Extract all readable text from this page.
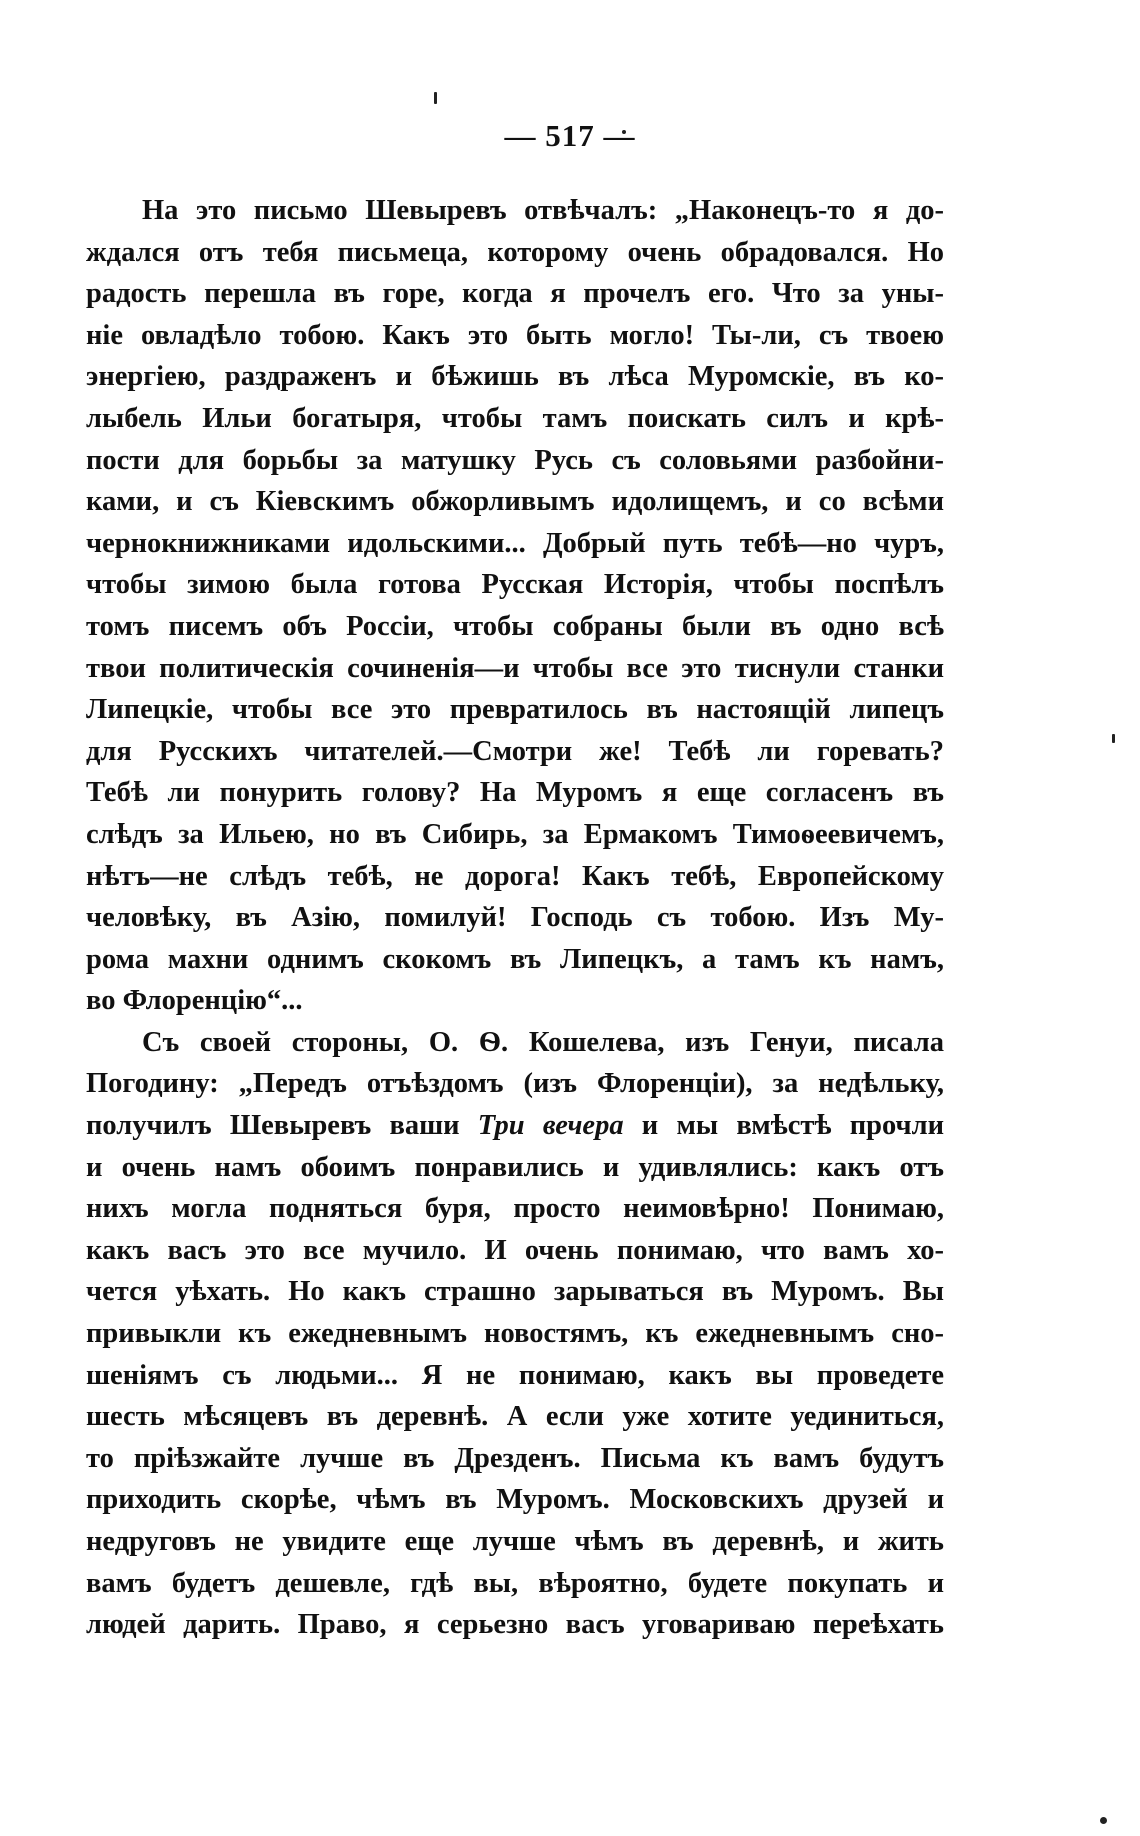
— 517 —
На это письмо Шевыревъ отвѣчалъ: „Наконецъ-то я до-
ждался отъ тебя письмеца, которому очень обрадовался. Но
радость перешла въ горе, когда я прочелъ его. Что за уны-
ніе овладѣло тобою. Какъ это быть могло! Ты-ли, съ твоею
энергіею, раздраженъ и бѣжишь въ лѣса Муромскіе, въ ко-
лыбель Ильи богатыря, чтобы тамъ поискать силъ и крѣ-
пости для борьбы за матушку Русь съ соловьями разбойни-
ками, и съ Кіевскимъ обжорливымъ идолищемъ, и со всѣми
чернокнижниками идольскими... Добрый путь тебѣ—но чуръ,
чтобы зимою была готова Русская Исторія, чтобы поспѣлъ
томъ писемъ объ Россіи, чтобы собраны были въ одно всѣ
твои политическія сочиненія—и чтобы все это тиснули станки
Липецкіе, чтобы все это превратилось въ настоящій липецъ
для Русскихъ читателей.—Смотри же! Тебѣ ли горевать?
Тебѣ ли понурить голову? На Муромъ я еще согласенъ въ
слѣдъ за Ильею, но въ Сибирь, за Ермакомъ Тимоѳеевичемъ,
нѣтъ—не слѣдъ тебѣ, не дорога! Какъ тебѣ, Европейскому
человѣку, въ Азію, помилуй! Господь съ тобою. Изъ Му-
рома махни однимъ скокомъ въ Липецкъ, а тамъ къ намъ,
во Флоренцію“...
Съ своей стороны, О. Ѳ. Кошелева, изъ Генуи, писала
Погодину: „Передъ отъѣздомъ (изъ Флоренціи), за недѣльку,
получилъ Шевыревъ ваши Три вечера и мы вмѣстѣ прочли
и очень намъ обоимъ понравились и удивлялись: какъ отъ
нихъ могла подняться буря, просто неимовѣрно! Понимаю,
какъ васъ это все мучило. И очень понимаю, что вамъ хо-
чется уѣхать. Но какъ страшно зарываться въ Муромъ. Вы
привыкли къ ежедневнымъ новостямъ, къ ежедневнымъ сно-
шеніямъ съ людьми... Я не понимаю, какъ вы проведете
шесть мѣсяцевъ въ деревнѣ. А если уже хотите уединиться,
то пріѣзжайте лучше въ Дрезденъ. Письма къ вамъ будутъ
приходить скорѣе, чѣмъ въ Муромъ. Московскихъ друзей и
недруговъ не увидите еще лучше чѣмъ въ деревнѣ, и жить
вамъ будетъ дешевле, гдѣ вы, вѣроятно, будете покупать и
людей дарить. Право, я серьезно васъ уговариваю переѣхать
